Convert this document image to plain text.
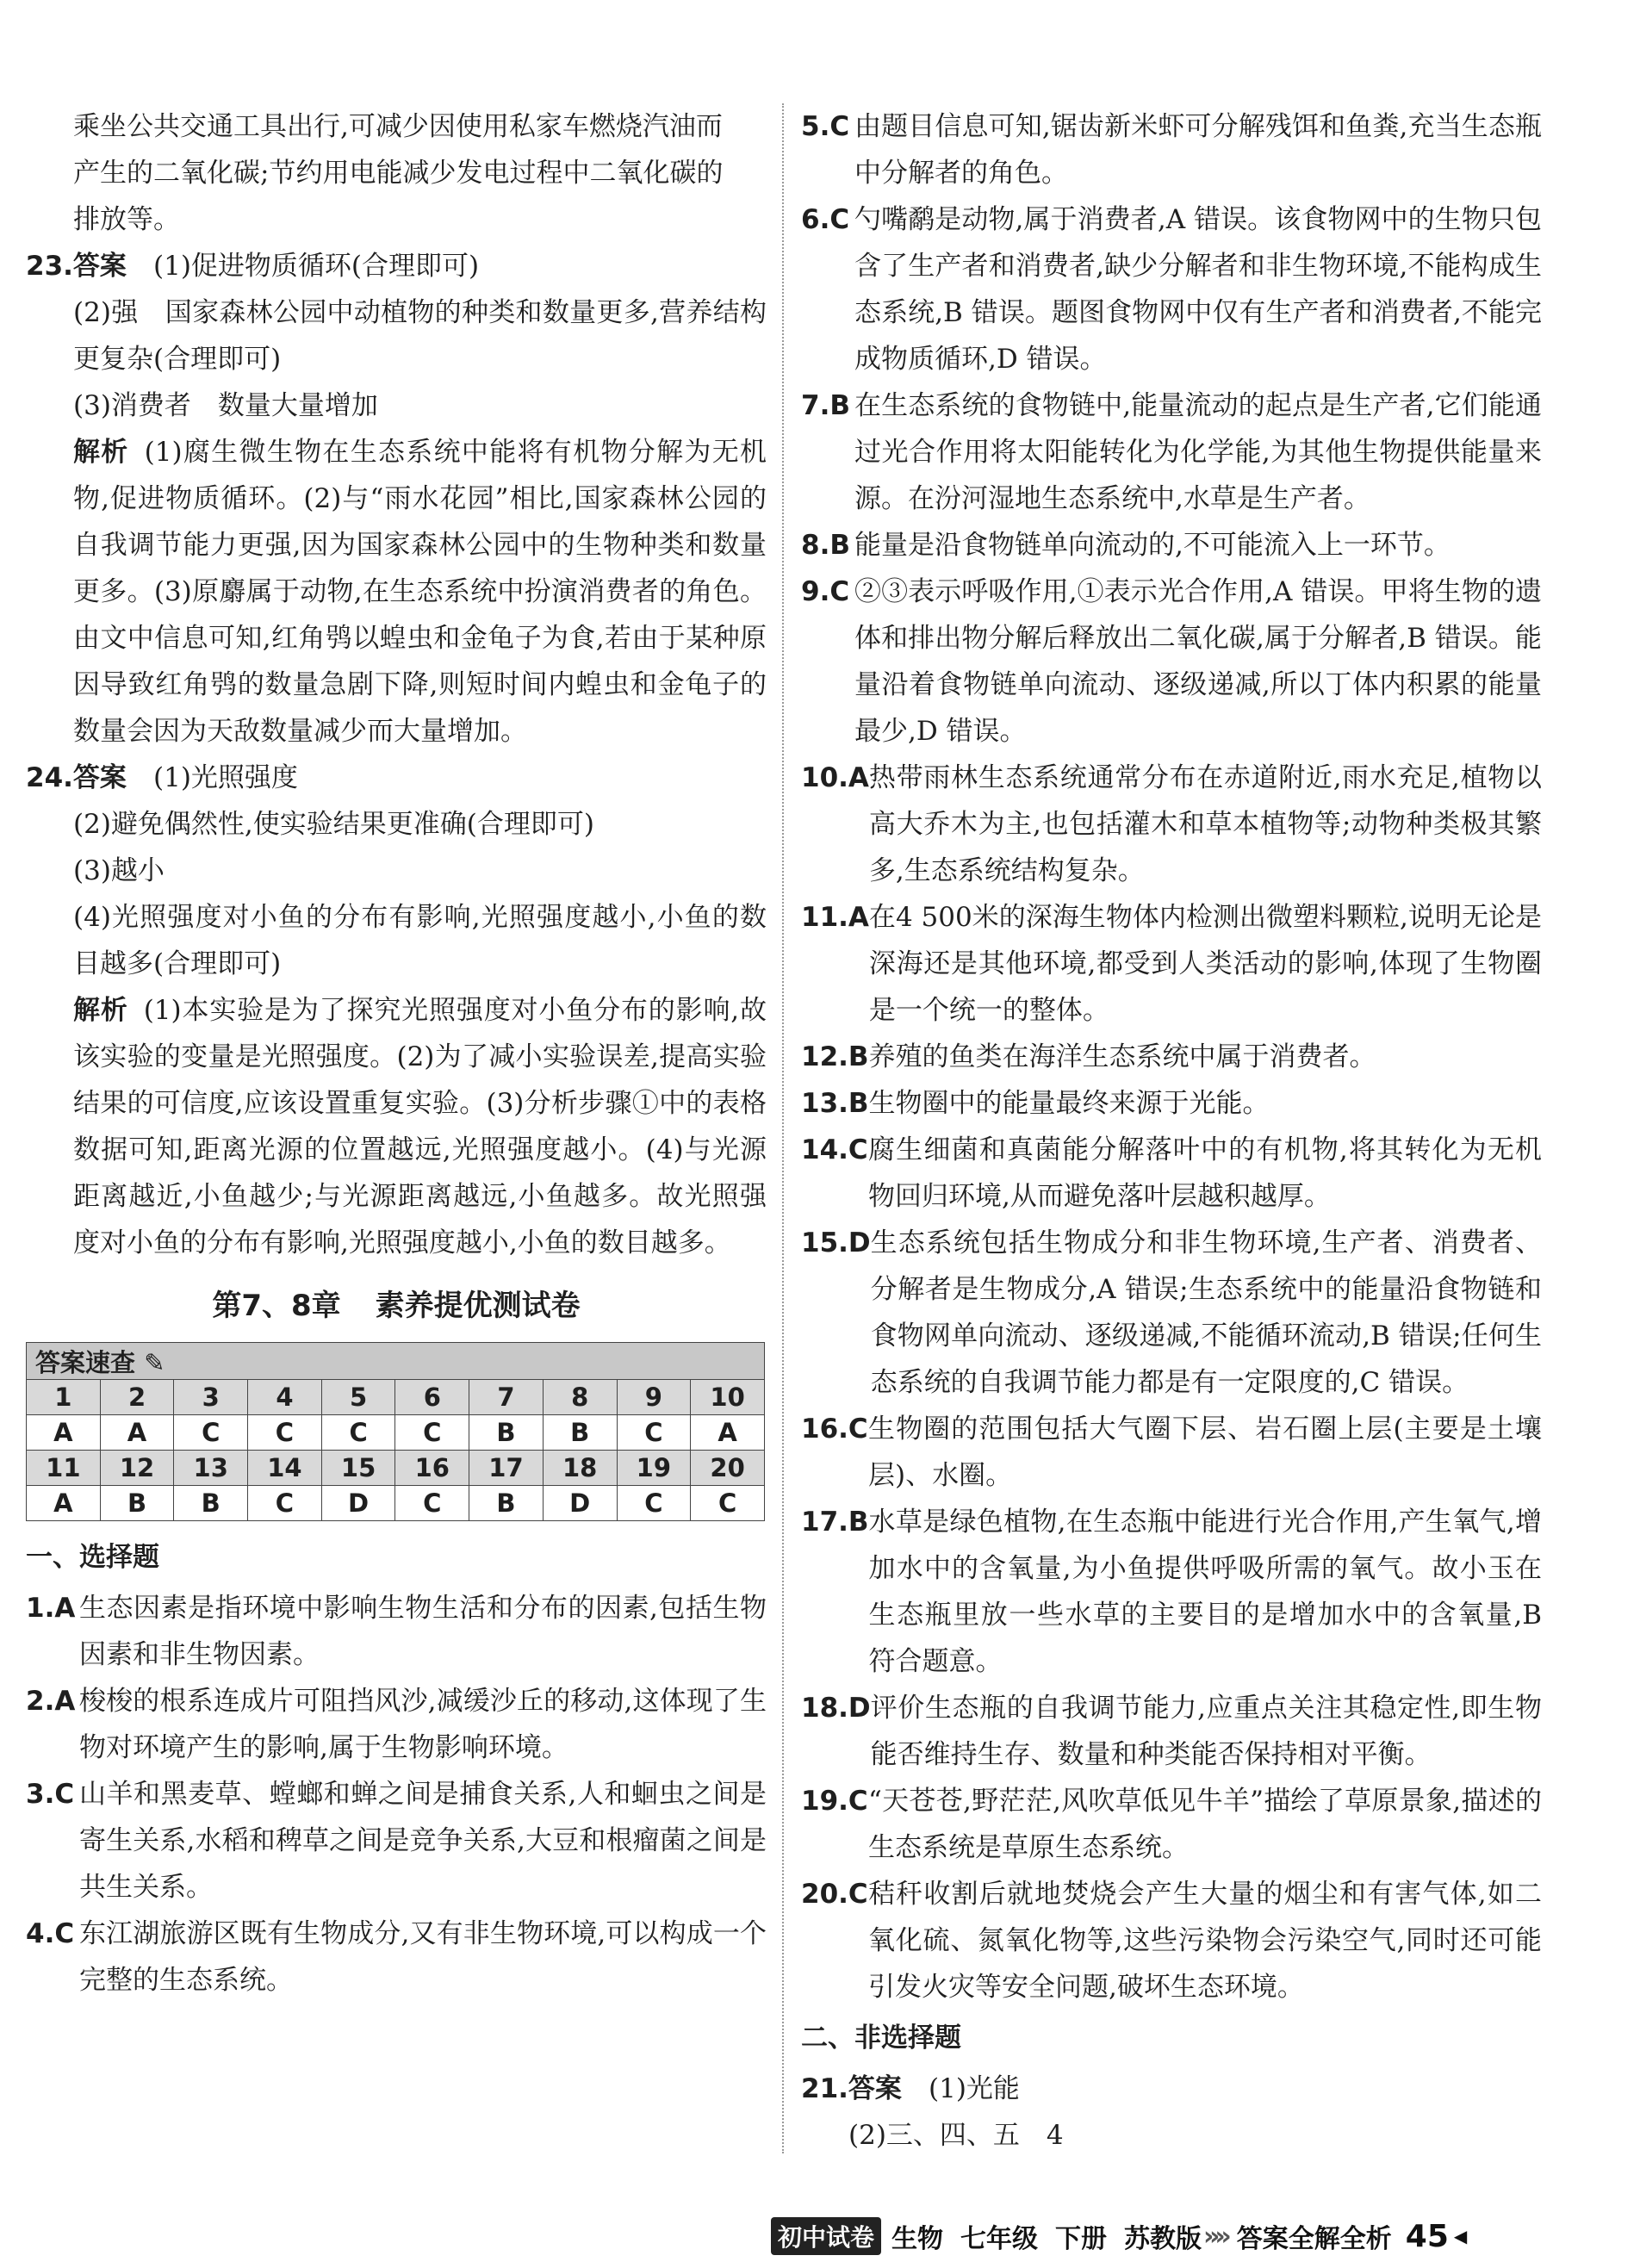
乘坐公共交通工具出行,可减少因使用私家车燃烧汽油而

产生的二氧化碳;节约用电能减少发电过程中二氧化碳的

排放等。

23.答案	(1)促进物质循环(合理即可)

(2)强　国家森林公园中动植物的种类和数量更多,营养结构更复杂(合理即可)

(3)消费者　数量大量增加

解析 (1)腐生微生物在生态系统中能将有机物分解为无机物,促进物质循环。(2)与“雨水花园”相比,国家森林公园的自我调节能力更强,因为国家森林公园中的生物种类和数量更多。(3)原麝属于动物,在生态系统中扮演消费者的角色。由文中信息可知,红角鸮以蝗虫和金龟子为食,若由于某种原因导致红角鸮的数量急剧下降,则短时间内蝗虫和金龟子的数量会因为天敌数量减少而大量增加。

24.答案	(1)光照强度

(2)避免偶然性,使实验结果更准确(合理即可)

(3)越小

(4)光照强度对小鱼的分布有影响,光照强度越小,小鱼的数目越多(合理即可)

解析 (1)本实验是为了探究光照强度对小鱼分布的影响,故该实验的变量是光照强度。(2)为了减小实验误差,提高实验结果的可信度,应该设置重复实验。(3)分析步骤①中的表格数据可知,距离光源的位置越远,光照强度越小。(4)与光源距离越近,小鱼越少;与光源距离越远,小鱼越多。故光照强度对小鱼的分布有影响,光照强度越小,小鱼的数目越多。

第7、8章 素养提优测试卷
答案速查 ✎									
1	2	3	4	5	6	7	8	9	10
A	A	C	C	C	C	B	B	C	A
11	12	13	14	15	16	17	18	19	20
A	B	B	C	D	C	B	D	C	C
一、选择题
1.A 生态因素是指环境中影响生物生活和分布的因素,包括生物因素和非生物因素。
2.A 梭梭的根系连成片可阻挡风沙,减缓沙丘的移动,这体现了生物对环境产生的影响,属于生物影响环境。
3.C 山羊和黑麦草、螳螂和蝉之间是捕食关系,人和蛔虫之间是寄生关系,水稻和稗草之间是竞争关系,大豆和根瘤菌之间是共生关系。
4.C 东江湖旅游区既有生物成分,又有非生物环境,可以构成一个完整的生态系统。
5.C 由题目信息可知,锯齿新米虾可分解残饵和鱼粪,充当生态瓶中分解者的角色。
6.C 勺嘴鹬是动物,属于消费者,A 错误。该食物网中的生物只包含了生产者和消费者,缺少分解者和非生物环境,不能构成生态系统,B 错误。题图食物网中仅有生产者和消费者,不能完成物质循环,D 错误。
7.B 在生态系统的食物链中,能量流动的起点是生产者,它们能通过光合作用将太阳能转化为化学能,为其他生物提供能量来源。在汾河湿地生态系统中,水草是生产者。
8.B 能量是沿食物链单向流动的,不可能流入上一环节。
9.C ②③表示呼吸作用,①表示光合作用,A 错误。甲将生物的遗体和排出物分解后释放出二氧化碳,属于分解者,B 错误。能量沿着食物链单向流动、逐级递减,所以丁体内积累的能量最少,D 错误。
10.A 热带雨林生态系统通常分布在赤道附近,雨水充足,植物以高大乔木为主,也包括灌木和草本植物等;动物种类极其繁多,生态系统结构复杂。
11.A 在4 500米的深海生物体内检测出微塑料颗粒,说明无论是深海还是其他环境,都受到人类活动的影响,体现了生物圈是一个统一的整体。
12.B 养殖的鱼类在海洋生态系统中属于消费者。
13.B 生物圈中的能量最终来源于光能。
14.C 腐生细菌和真菌能分解落叶中的有机物,将其转化为无机物回归环境,从而避免落叶层越积越厚。
15.D 生态系统包括生物成分和非生物环境,生产者、消费者、分解者是生物成分,A 错误;生态系统中的能量沿食物链和食物网单向流动、逐级递减,不能循环流动,B 错误;任何生态系统的自我调节能力都是有一定限度的,C 错误。
16.C 生物圈的范围包括大气圈下层、岩石圈上层(主要是土壤层)、水圈。
17.B 水草是绿色植物,在生态瓶中能进行光合作用,产生氧气,增加水中的含氧量,为小鱼提供呼吸所需的氧气。故小玉在生态瓶里放一些水草的主要目的是增加水中的含氧量,B 符合题意。
18.D 评价生态瓶的自我调节能力,应重点关注其稳定性,即生物能否维持生存、数量和种类能否保持相对平衡。
19.C “天苍苍,野茫茫,风吹草低见牛羊”描绘了草原景象,描述的生态系统是草原生态系统。
20.C 秸秆收割后就地焚烧会产生大量的烟尘和有害气体,如二氧化硫、氮氧化物等,这些污染物会污染空气,同时还可能引发火灾等安全问题,破坏生态环境。
二、非选择题
21.答案	(1)光能

(2)三、四、五　4

初中试卷 生物 七年级 下册 苏教版 »» 答案全解全析 45 ◀
